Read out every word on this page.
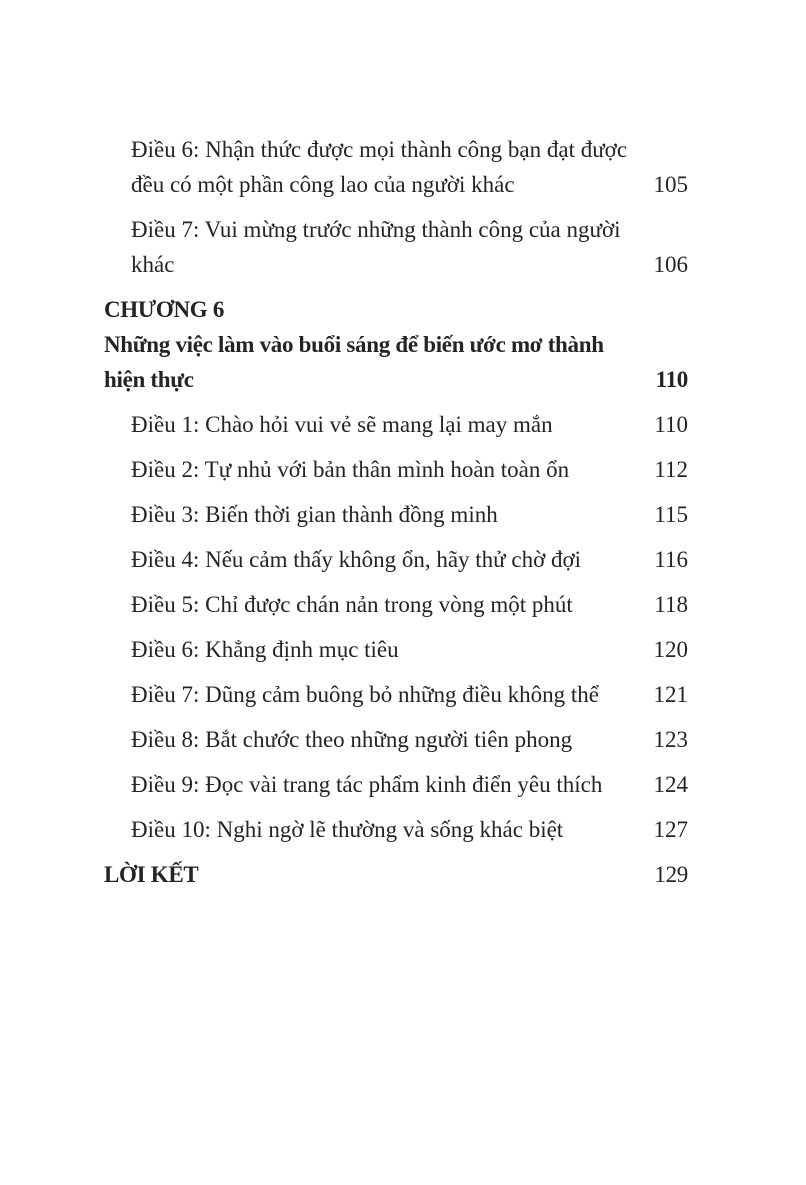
Điều 6: Nhận thức được mọi thành công bạn đạt được đều có một phần công lao của người khác	105
Điều 7: Vui mừng trước những thành công của người khác	106
CHƯƠNG 6
Những việc làm vào buổi sáng để biến ước mơ thành hiện thực	110
Điều 1: Chào hỏi vui vẻ sẽ mang lại may mắn	110
Điều 2: Tự nhủ với bản thân mình hoàn toàn ổn	112
Điều 3: Biến thời gian thành đồng minh	115
Điều 4: Nếu cảm thấy không ổn, hãy thử chờ đợi	116
Điều 5: Chỉ được chán nản trong vòng một phút	118
Điều 6: Khẳng định mục tiêu	120
Điều 7: Dũng cảm buông bỏ những điều không thể	121
Điều 8: Bắt chước theo những người tiên phong	123
Điều 9: Đọc vài trang tác phẩm kinh điển yêu thích	124
Điều 10: Nghi ngờ lẽ thường và sống khác biệt	127
LỜI KẾT	129
